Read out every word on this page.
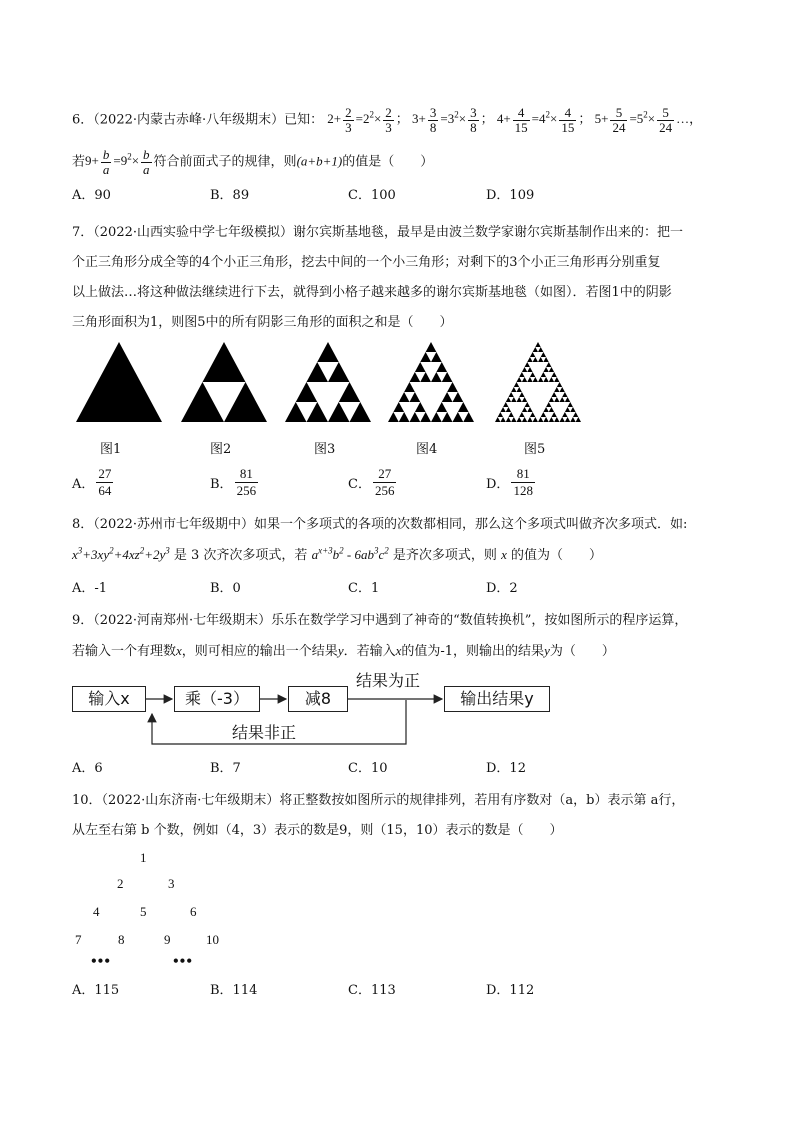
6．（2022·内蒙古赤峰·八年级期末）已知： $2+ \frac{2}{3} =2^2\times \frac{2}{3}$ ； $3+ \frac{3}{8} =3^2\times \frac{3}{8}$ ； $4+ \frac{4}{15} =4^2\times \frac{4}{15}$ ； $5+ \frac{5}{24} =5^2\times \frac{5}{24}$ …，
若$9+ \frac{b}{a} =9^2\times \frac{b}{a}$ 符合前面式子的规律，则(a+b+1)的值是（　　）
A．90	B．89	C．100	D．109
7．（2022·山西实验中学七年级模拟）谢尔宾斯基地毯，最早是由波兰数学家谢尔宾斯基制作出来的：把一
个正三角形分成全等的4个小正三角形，挖去中间的一个小三角形；对剩下的3个小正三角形再分别重复
以上做法…将这种做法继续进行下去，就得到小格子越来越多的谢尔宾斯基地毯（如图）．若图1中的阴影
三角形面积为1，则图5中的所有阴影三角形的面积之和是（　　）
图1	图2	图3	图4	图5
A． $\frac{27}{64}$	B． $\frac{81}{256}$	C． $\frac{27}{256}$	D． $\frac{81}{128}$
8．（2022·苏州市七年级期中）如果一个多项式的各项的次数都相同，那么这个多项式叫做齐次多项式．如:
$x^3+3xy^2+4xz^2+2y^3$ 是 3 次齐次多项式，若 $a^{x+3}b^2 - 6ab^3c^2$ 是齐次多项式，则 x 的值为（　　）
A．-1	B．0	C．1	D．2
9．（2022·河南郑州·七年级期末）乐乐在数学学习中遇到了神奇的“数值转换机”，按如图所示的程序运算，
若输入一个有理数x，则可相应的输出一个结果y．若输入x的值为-1，则输出的结果y为（　　）
输入x	乘（-3）	减8	输出结果y
结果为正
结果非正
A．6	B．7	C．10	D．12
10．（2022·山东济南·七年级期末）将正整数按如图所示的规律排列，若用有序数对（a，b）表示第 a行，
从左至右第 b 个数，例如（4，3）表示的数是9，则（15，10）表示的数是（　　）
1
2	3
4	5	6
7	8	9	10
•••	•••
A．115	B．114	C．113	D．112
